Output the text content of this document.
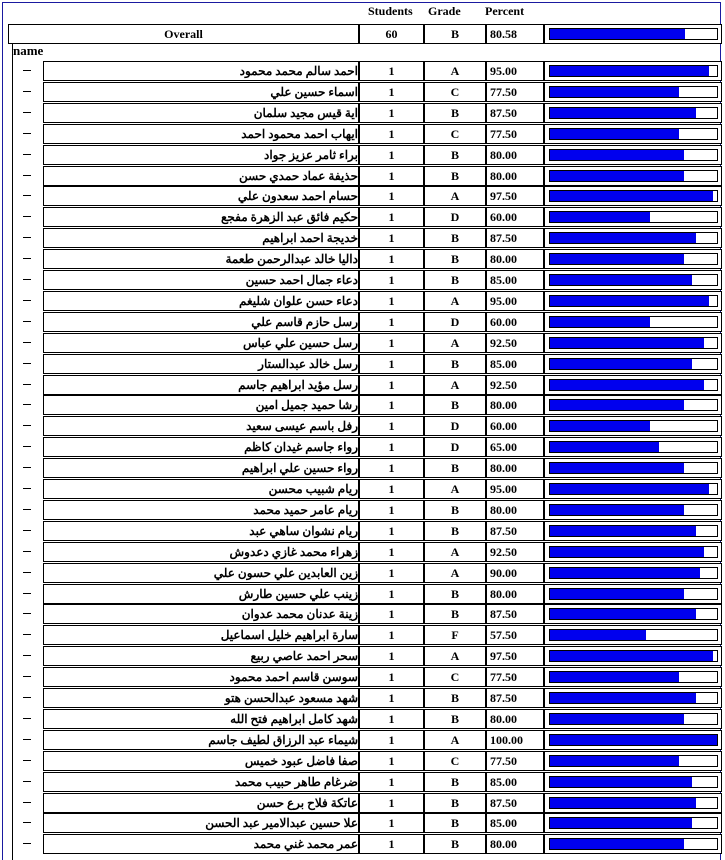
Students Grade Percent
Overall	60	B	80.58
name
احمد سالم محمد محمود	1	A	95.00
اسماء حسين علي	1	C	77.50
اية قيس مجيد سلمان	1	B	87.50
ايهاب احمد محمود احمد	1	C	77.50
براء ثامر عزيز جواد	1	B	80.00
حذيفة عماد حمدي حسن	1	B	80.00
حسام احمد سعدون علي	1	A	97.50
حكيم فائق عبد الزهرة مفجع	1	D	60.00
خديجة احمد ابراهيم	1	B	87.50
داليا خالد عبدالرحمن طعمة	1	B	80.00
دعاء جمال احمد حسين	1	B	85.00
دعاء حسن علوان شليغم	1	A	95.00
رسل حازم قاسم علي	1	D	60.00
رسل حسين علي عباس	1	A	92.50
رسل خالد عبدالستار	1	B	85.00
رسل مؤيد ابراهيم جاسم	1	A	92.50
رشا حميد جميل امين	1	B	80.00
رفل باسم عيسى سعيد	1	D	60.00
رواء جاسم غيدان كاظم	1	D	65.00
رواء حسين علي ابراهيم	1	B	80.00
ريام شبيب محسن	1	A	95.00
ريام عامر حميد محمد	1	B	80.00
ريام نشوان ساهي عبد	1	B	87.50
زهراء محمد غازي دعدوش	1	A	92.50
زين العابدين علي حسون علي	1	A	90.00
زينب علي حسين طارش	1	B	80.00
زينة عدنان محمد عدوان	1	B	87.50
سارة ابراهيم خليل اسماعيل	1	F	57.50
سحر احمد عاصي ربيع	1	A	97.50
سوسن قاسم احمد محمود	1	C	77.50
شهد مسعود عبدالحسن هتو	1	B	87.50
شهد كامل ابراهيم فتح الله	1	B	80.00
شيماء عبد الرزاق لطيف جاسم	1	A	100.00
صفا فاضل عبود خميس	1	C	77.50
ضرغام طاهر حبيب محمد	1	B	85.00
عاتكة فلاح برع حسن	1	B	87.50
علا حسين عبدالامير عبد الحسن	1	B	85.00
عمر محمد غني محمد	1	B	80.00
